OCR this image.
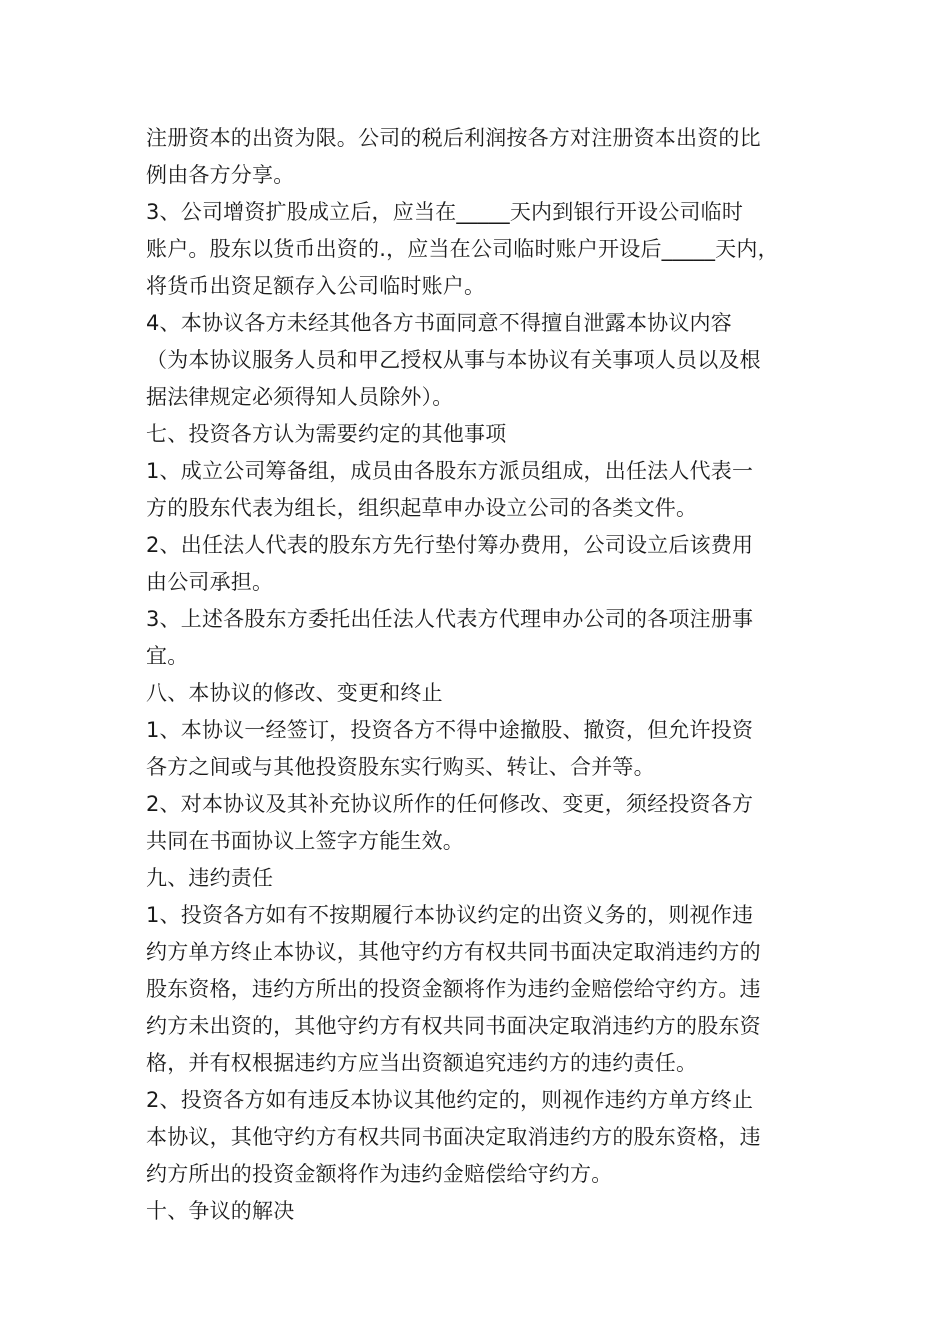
注册资本的出资为限。公司的税后利润按各方对注册资本出资的比
例由各方分享。
3、公司增资扩股成立后，应当在_____天内到银行开设公司临时
账户。股东以货币出资的.，应当在公司临时账户开设后_____天内，
将货币出资足额存入公司临时账户。
4、本协议各方未经其他各方书面同意不得擅自泄露本协议内容
（为本协议服务人员和甲乙授权从事与本协议有关事项人员以及根
据法律规定必须得知人员除外）。
七、投资各方认为需要约定的其他事项
1、成立公司筹备组，成员由各股东方派员组成，出任法人代表一
方的股东代表为组长，组织起草申办设立公司的各类文件。
2、出任法人代表的股东方先行垫付筹办费用，公司设立后该费用
由公司承担。
3、上述各股东方委托出任法人代表方代理申办公司的各项注册事
宜。
八、本协议的修改、变更和终止
1、本协议一经签订，投资各方不得中途撤股、撤资，但允许投资
各方之间或与其他投资股东实行购买、转让、合并等。
2、对本协议及其补充协议所作的任何修改、变更，须经投资各方
共同在书面协议上签字方能生效。
九、违约责任
1、投资各方如有不按期履行本协议约定的出资义务的，则视作违
约方单方终止本协议，其他守约方有权共同书面决定取消违约方的
股东资格，违约方所出的投资金额将作为违约金赔偿给守约方。违
约方未出资的，其他守约方有权共同书面决定取消违约方的股东资
格，并有权根据违约方应当出资额追究违约方的违约责任。
2、投资各方如有违反本协议其他约定的，则视作违约方单方终止
本协议，其他守约方有权共同书面决定取消违约方的股东资格，违
约方所出的投资金额将作为违约金赔偿给守约方。
十、争议的解决
